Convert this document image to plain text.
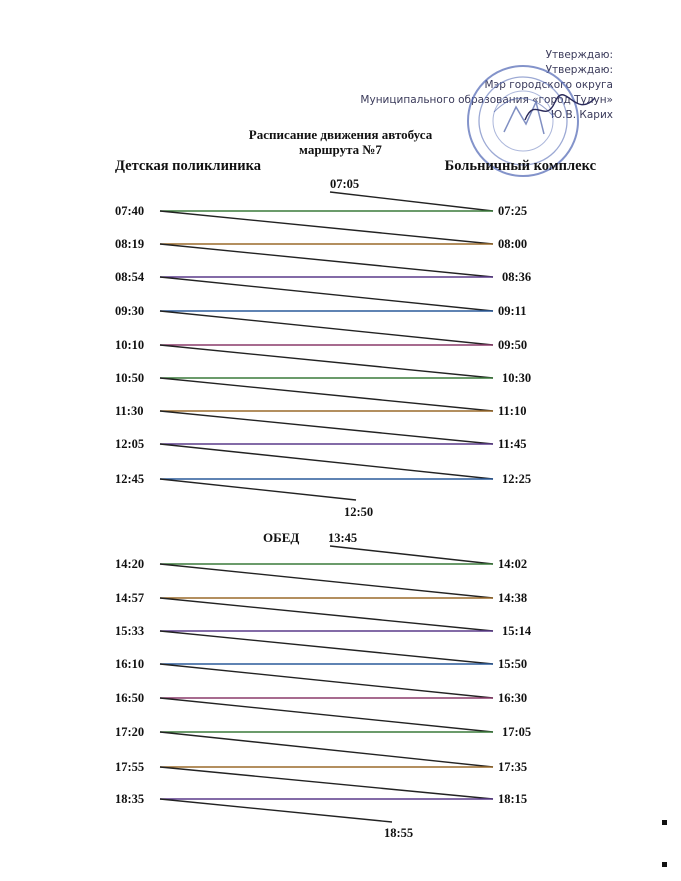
Утверждаю:
Утверждаю:
Мэр городского округа
Муниципального образования «город Тулун»
Ю.В. Карих
Расписание движения автобуса
маршрута №7
Детская поликлиника	Больничный комплекс
07:05
12:50
ОБЕД 13:45
18:55
07:40
08:19
08:54
09:30
10:10
10:50
11:30
12:05
12:45
07:25
08:00
08:36
09:11
09:50
10:30
11:10
11:45
12:25
14:20
14:57
15:33
16:10
16:50
17:20
17:55
18:35
14:02
14:38
15:14
15:50
16:30
17:05
17:35
18:15
